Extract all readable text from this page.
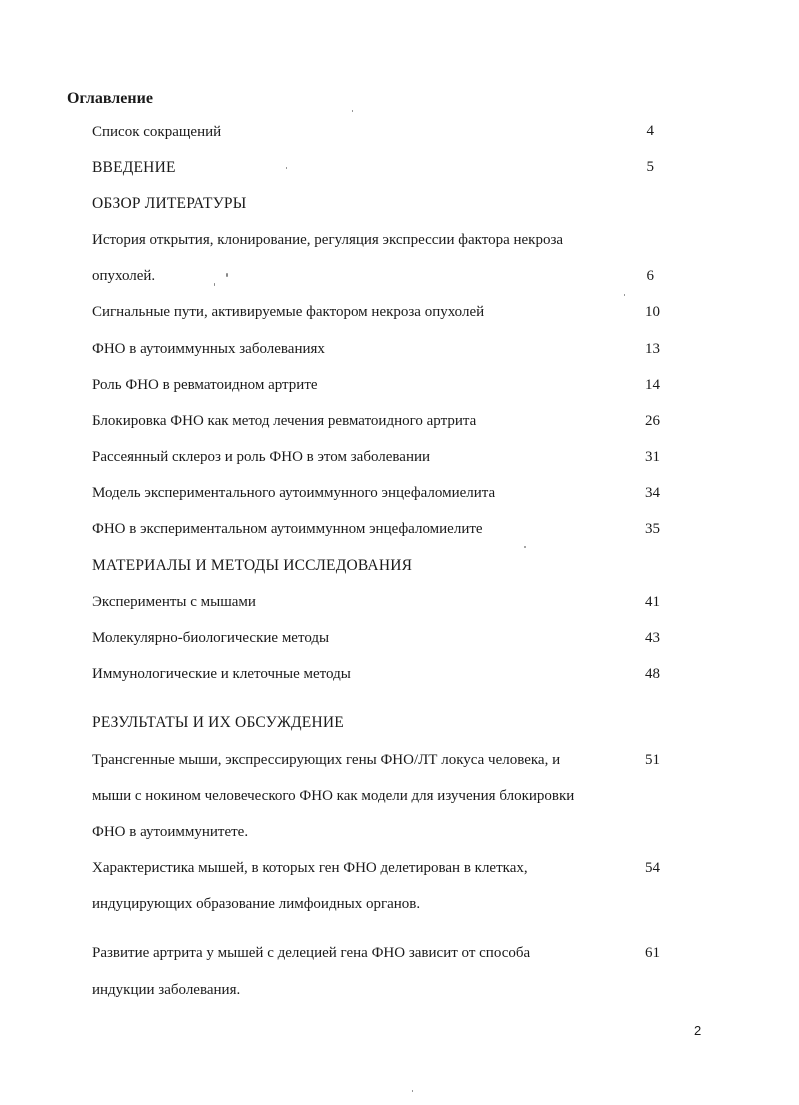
Оглавление
Список сокращений	4
ВВЕДЕНИЕ	5
ОБЗОР ЛИТЕРАТУРЫ
История открытия, клонирование, регуляция экспрессии фактора некроза
опухолей.	6
Сигнальные пути, активируемые фактором некроза опухолей	10
ФНО в аутоиммунных заболеваниях	13
Роль ФНО в ревматоидном артрите	14
Блокировка ФНО как метод лечения ревматоидного артрита	26
Рассеянный склероз и роль ФНО в этом заболевании	31
Модель экспериментального аутоиммунного энцефаломиелита	34
ФНО в экспериментальном аутоиммунном энцефаломиелите	35
МАТЕРИАЛЫ И МЕТОДЫ ИССЛЕДОВАНИЯ
Эксперименты с мышами	41
Молекулярно-биологические методы	43
Иммунологические и клеточные методы	48
РЕЗУЛЬТАТЫ И ИХ ОБСУЖДЕНИЕ
Трансгенные мыши, экспрессирующих гены ФНО/ЛТ локуса человека, и	51
мыши с нокином человеческого ФНО как модели для изучения блокировки
ФНО в аутоиммунитете.
Характеристика мышей, в которых ген ФНО делетирован в клетках,	54
индуцирующих образование лимфоидных органов.
Развитие артрита у мышей с делецией гена ФНО зависит от способа	61
индукции заболевания.
2
